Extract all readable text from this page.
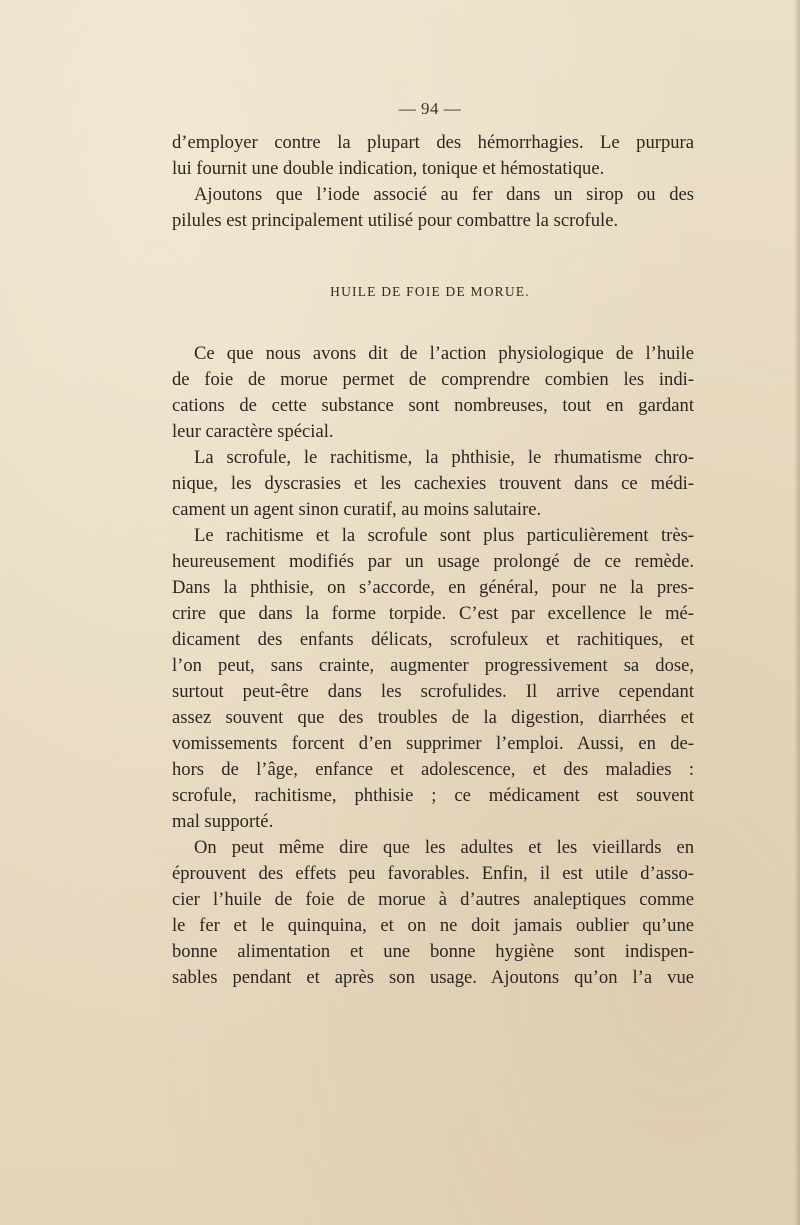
— 94 —
d’employer contre la plupart des hémorrhagies. Le purpura
lui fournit une double indication, tonique et hémostatique.
Ajoutons que l’iode associé au fer dans un sirop ou des
pilules est principalement utilisé pour combattre la scrofule.
HUILE DE FOIE DE MORUE.
Ce que nous avons dit de l’action physiologique de l’huile
de foie de morue permet de comprendre combien les indi-
cations de cette substance sont nombreuses, tout en gardant
leur caractère spécial.
La scrofule, le rachitisme, la phthisie, le rhumatisme chro-
nique, les dyscrasies et les cachexies trouvent dans ce médi-
cament un agent sinon curatif, au moins salutaire.
Le rachitisme et la scrofule sont plus particulièrement très-
heureusement modifiés par un usage prolongé de ce remède.
Dans la phthisie, on s’accorde, en général, pour ne la pres-
crire que dans la forme torpide. C’est par excellence le mé-
dicament des enfants délicats, scrofuleux et rachitiques, et
l’on peut, sans crainte, augmenter progressivement sa dose,
surtout peut-être dans les scrofulides. Il arrive cependant
assez souvent que des troubles de la digestion, diarrhées et
vomissements forcent d’en supprimer l’emploi. Aussi, en de-
hors de l’âge, enfance et adolescence, et des maladies :
scrofule, rachitisme, phthisie ; ce médicament est souvent
mal supporté.
On peut même dire que les adultes et les vieillards en
éprouvent des effets peu favorables. Enfin, il est utile d’asso-
cier l’huile de foie de morue à d’autres analeptiques comme
le fer et le quinquina, et on ne doit jamais oublier qu’une
bonne alimentation et une bonne hygiène sont indispen-
sables pendant et après son usage. Ajoutons qu’on l’a vue
